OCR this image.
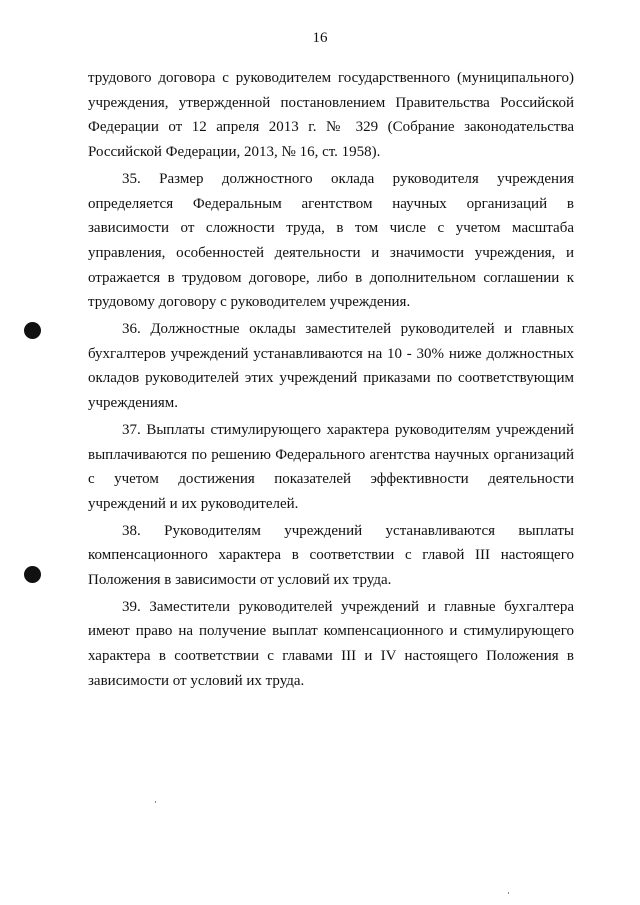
16

трудового договора с руководителем государственного (муниципального) учреждения, утвержденной постановлением Правительства Российской Федерации от 12 апреля 2013 г. № 329 (Собрание законодательства Российской Федерации, 2013, № 16, ст. 1958).

35. Размер должностного оклада руководителя учреждения определяется Федеральным агентством научных организаций в зависимости от сложности труда, в том числе с учетом масштаба управления, особенностей деятельности и значимости учреждения, и отражается в трудовом договоре, либо в дополнительном соглашении к трудовому договору с руководителем учреждения.

36. Должностные оклады заместителей руководителей и главных бухгалтеров учреждений устанавливаются на 10 - 30% ниже должностных окладов руководителей этих учреждений приказами по соответствующим учреждениям.

37. Выплаты стимулирующего характера руководителям учреждений выплачиваются по решению Федерального агентства научных организаций с учетом достижения показателей эффективности деятельности учреждений и их руководителей.

38. Руководителям учреждений устанавливаются выплаты компенсационного характера в соответствии с главой III настоящего Положения в зависимости от условий их труда.

39. Заместители руководителей учреждений и главные бухгалтера имеют право на получение выплат компенсационного и стимулирующего характера в соответствии с главами III и IV настоящего Положения в зависимости от условий их труда.
